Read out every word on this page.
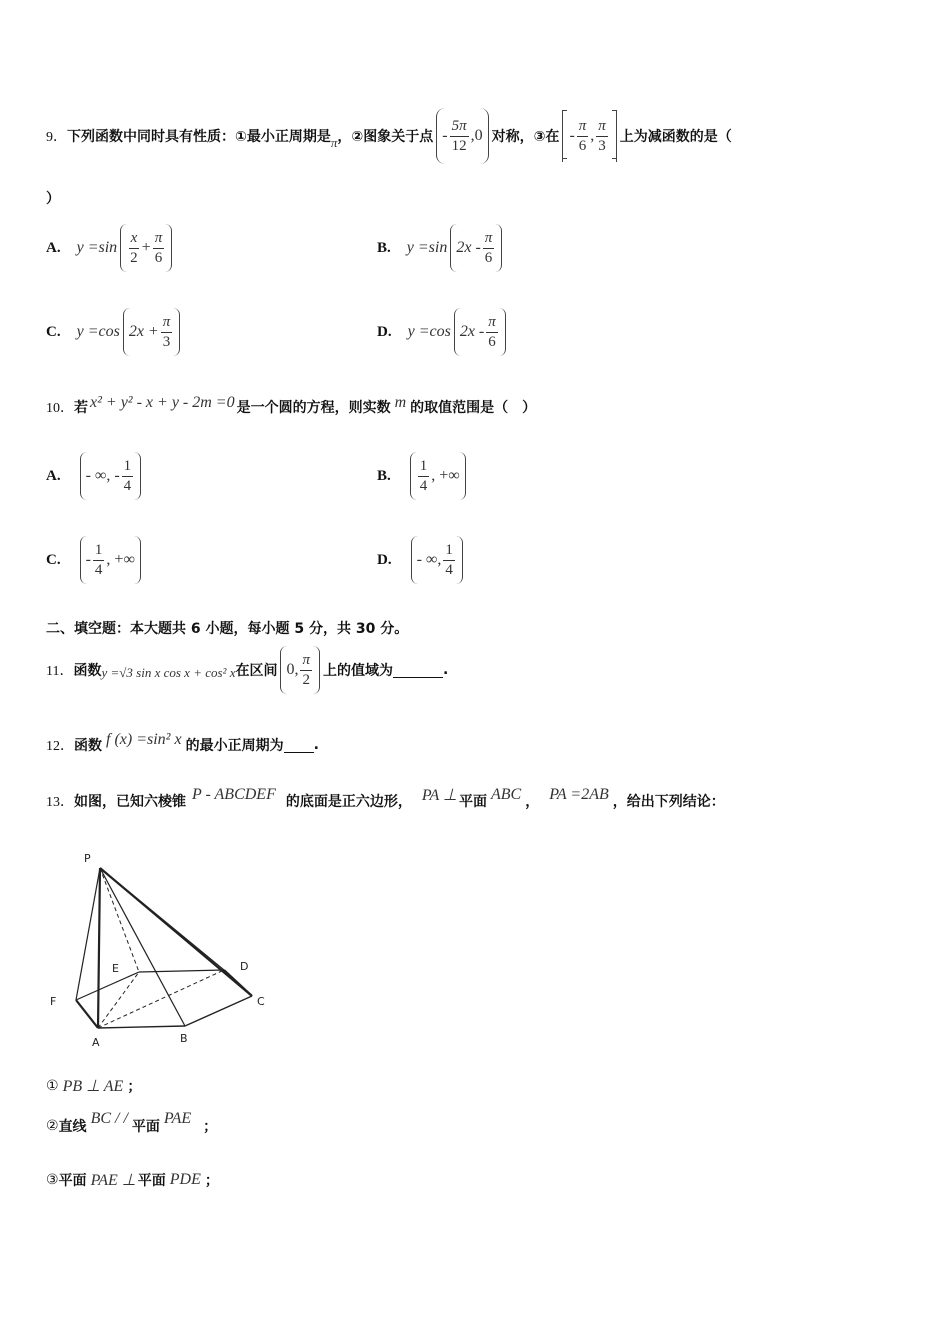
9． 下列函数中同时具有性质：①最小正周期是 π ，②图象关于点 - $\frac{5\pi}{12} ,0$ 对称，③在 - $\frac{\pi}{6}$ , $\frac{\pi}{3}$ 上为减函数的是（
）
A. $y =\sin \frac{x}{2} + \frac{\pi}{6}$	B. y =sin $2x - \frac{\pi}{6}$
C. y =cos $2x + \frac{\pi}{3}$	D. y =cos $2x - \frac{\pi}{6}$
10． 若 x² + y² - x + y - 2m =0 是一个圆的方程，则实数 m 的取值范围是（　）
A. - ∞, - $\frac{1}{4}$	B. $\frac{1}{4}$ , +∞
C. - $\frac{1}{4}$ , +∞	D. - ∞, $\frac{1}{4}$
二、填空题：本大题共 6 小题，每小题 5 分，共 30 分。
11． 函数 y =√3 sin x cos x + cos² x 在区间 0, $\frac{\pi}{2}$ 上的值域为	.
12． 函数 f (x) =sin² x 的最小正周期为 .
13． 如图，已知六棱锥 P - ABCDEF 的底面是正六边形， PA ⊥ 平面 ABC ， PA =2AB ，给出下列结论：
P
E	D
F	C
A	B
① PB ⊥ AE ；
② 直线 BC / / 平面 PAE ；
③ 平面 PAE ⊥ 平面 PDE ；
